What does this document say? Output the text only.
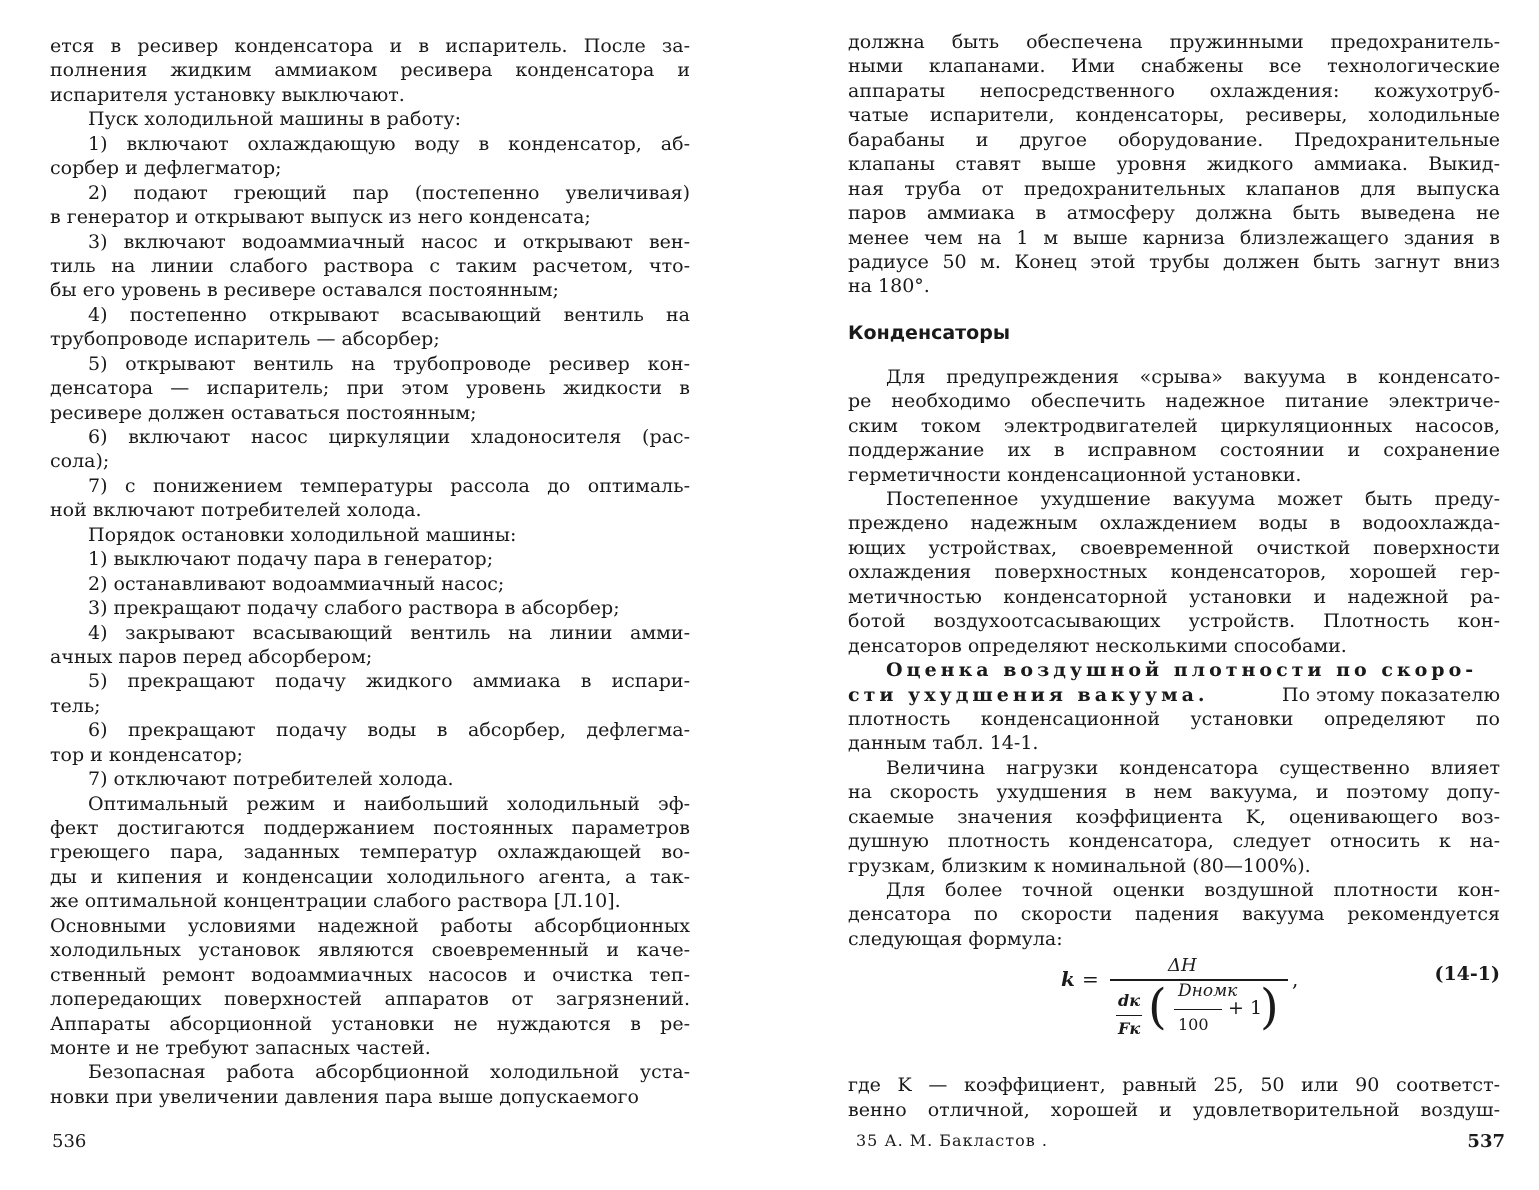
ется в ресивер конденсатора и в испаритель. После за-
полнения жидким аммиаком ресивера конденсатора и
испарителя установку выключают.
Пуск холодильной машины в работу:
1) включают охлаждающую воду в конденсатор, аб-
сорбер и дефлегматор;
2) подают греющий пар (постепенно увеличивая)
в генератор и открывают выпуск из него конденсата;
3) включают водоаммиачный насос и открывают вен-
тиль на линии слабого раствора с таким расчетом, что-
бы его уровень в ресивере оставался постоянным;
4) постепенно открывают всасывающий вентиль на
трубопроводе испаритель — абсорбер;
5) открывают вентиль на трубопроводе ресивер кон-
денсатора — испаритель; при этом уровень жидкости в
ресивере должен оставаться постоянным;
6) включают насос циркуляции хладоносителя (рас-
сола);
7) с понижением температуры рассола до оптималь-
ной включают потребителей холода.
Порядок остановки холодильной машины:
1) выключают подачу пара в генератор;
2) останавливают водоаммиачный насос;
3) прекращают подачу слабого раствора в абсорбер;
4) закрывают всасывающий вентиль на линии амми-
ачных паров перед абсорбером;
5) прекращают подачу жидкого аммиака в испари-
тель;
6) прекращают подачу воды в абсорбер, дефлегма-
тор и конденсатор;
7) отключают потребителей холода.
Оптимальный режим и наибольший холодильный эф-
фект достигаются поддержанием постоянных параметров
греющего пара, заданных температур охлаждающей во-
ды и кипения и конденсации холодильного агента, а так-
же оптимальной концентрации слабого раствора [Л.10].
Основными условиями надежной работы абсорбционных
холодильных установок являются своевременный и каче-
ственный ремонт водоаммиачных насосов и очистка теп-
лопередающих поверхностей аппаратов от загрязнений.
Аппараты абсорционной установки не нуждаются в ре-
монте и не требуют запасных частей.
Безопасная работа абсорбционной холодильной уста-
новки при увеличении давления пара выше допускаемого
536
должна быть обеспечена пружинными предохранитель-
ными клапанами. Ими снабжены все технологические
аппараты непосредственного охлаждения: кожухотруб-
чатые испарители, конденсаторы, ресиверы, холодильные
барабаны и другое оборудование. Предохранительные
клапаны ставят выше уровня жидкого аммиака. Выкид-
ная труба от предохранительных клапанов для выпуска
паров аммиака в атмосферу должна быть выведена не
менее чем на 1 м выше карниза близлежащего здания в
радиусе 50 м. Конец этой трубы должен быть загнут вниз
на 180°.
Конденсаторы
Для предупреждения «срыва» вакуума в конденсато-
ре необходимо обеспечить надежное питание электриче-
ским током электродвигателей циркуляционных насосов,
поддержание их в исправном состоянии и сохранение
герметичности конденсационной установки.
Постепенное ухудшение вакуума может быть преду-
преждено надежным охлаждением воды в водоохлажда-
ющих устройствах, своевременной очисткой поверхности
охлаждения поверхностных конденсаторов, хорошей гер-
метичностью конденсаторной установки и надежной ра-
ботой воздухоотсасывающих устройств. Плотность кон-
денсаторов определяют несколькими способами.
Оценка воздушной плотности по скоро-
сти ухудшения вакуума.	По этому показателю
плотность конденсационной установки определяют по
данным табл. 14-1.
Величина нагрузки конденсатора существенно влияет
на скорость ухудшения в нем вакуума, и поэтому допу-
скаемые значения коэффициента K, оценивающего воз-
душную плотность конденсатора, следует относить к на-
грузкам, близким к номинальной (80—100%).
Для более точной оценки воздушной плотности кон-
денсатора по скорости падения вакуума рекомендуется
следующая формула:
k =
ΔH
dк
Fк ( Dномк
100
+ 1
) ,	(14-1)
где K — коэффициент, равный 25, 50 или 90 соответст-
венно отличной, хорошей и удовлетворительной воздуш-
35 А. М. Бакластов .	537
